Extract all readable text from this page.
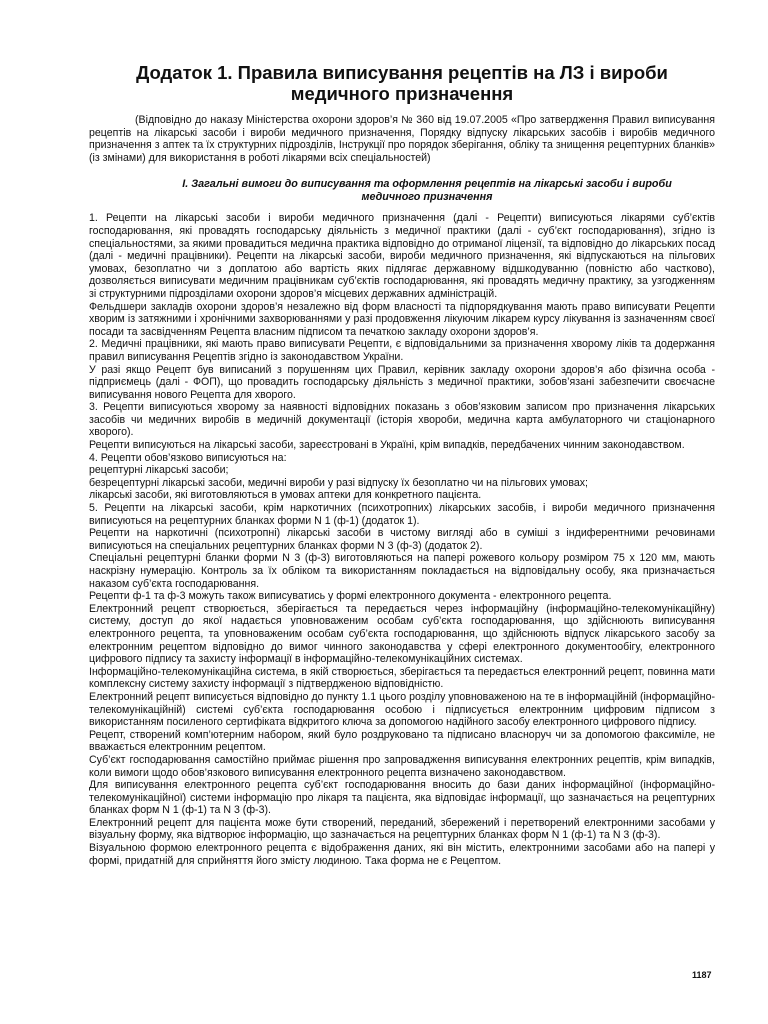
Додаток 1. Правила виписування рецептів на ЛЗ і вироби медичного призначення

(Відповідно до наказу Міністерства охорони здоров’я № 360 від 19.07.2005 «Про затвердження Правил виписування рецептів на лікарські засоби і вироби медичного призначення, Порядку відпуску лікарських засобів і виробів медичного призначення з аптек та їх структурних підрозділів, Інструкції про порядок зберігання, обліку та знищення рецептурних бланків» (із змінами) для використання в роботі лікарями всіх спеціальностей)

I. Загальні вимоги до виписування та оформлення рецептів на лікарські засоби і вироби медичного призначення

1. Рецепти на лікарські засоби і вироби медичного призначення (далі - Рецепти) виписуються лікарями суб’єктів господарювання, які провадять господарську діяльність з медичної практики (далі - суб’єкт господарювання), згідно із спеціальностями, за якими провадиться медична практика відповідно до отриманої ліцензії, та відповідно до лікарських посад (далі - медичні працівники). Рецепти на лікарські засоби, вироби медичного призначення, які відпускаються на пільгових умовах, безоплатно чи з доплатою або вартість яких підлягає державному відшкодуванню (повністю або частково), дозволяється виписувати медичним працівникам суб’єктів господарювання, які провадять медичну практику, за узгодженням зі структурними підрозділами охорони здоров’я місцевих державних адміністрацій.

Фельдшери закладів охорони здоров’я незалежно від форм власності та підпорядкування мають право виписувати Рецепти хворим із затяжними і хронічними захворюваннями у разі продовження лікуючим лікарем курсу лікування із зазначенням своєї посади та засвідченням Рецепта власним підписом та печаткою закладу охорони здоров’я.

2. Медичні працівники, які мають право виписувати Рецепти, є відповідальними за призначення хворому ліків та додержання правил виписування Рецептів згідно із законодавством України.

У разі якщо Рецепт був виписаний з порушенням цих Правил, керівник закладу охорони здоров’я або фізична особа - підприємець (далі - ФОП), що провадить господарську діяльність з медичної практики, зобов’язані забезпечити своєчасне виписування нового Рецепта для хворого.

3. Рецепти виписуються хворому за наявності відповідних показань з обов’язковим записом про призначення лікарських засобів чи медичних виробів в медичній документації (історія хвороби, медична карта амбулаторного чи стаціонарного хворого).

Рецепти виписуються на лікарські засоби, зареєстровані в Україні, крім випадків, передбачених чинним законодавством.

4. Рецепти обов’язково виписуються на:

рецептурні лікарські засоби;

безрецептурні лікарські засоби, медичні вироби у разі відпуску їх безоплатно чи на пільгових умовах;

лікарські засоби, які виготовляються в умовах аптеки для конкретного пацієнта.

5. Рецепти на лікарські засоби, крім наркотичних (психотропних) лікарських засобів, і вироби медичного призначення виписуються на рецептурних бланках форми N 1 (ф-1) (додаток 1).

Рецепти на наркотичні (психотропні) лікарські засоби в чистому вигляді або в суміші з індиферентними речовинами виписуються на спеціальних рецептурних бланках форми N 3 (ф-3) (додаток 2).

Спеціальні рецептурні бланки форми N 3 (ф-3) виготовляються на папері рожевого кольору розміром 75 х 120 мм, мають наскрізну нумерацію. Контроль за їх обліком та використанням покладається на відповідальну особу, яка призначається наказом суб’єкта господарювання.

Рецепти ф-1 та ф-3 можуть також виписуватись у формі електронного документа - електронного рецепта.

Електронний рецепт створюється, зберігається та передається через інформаційну (інформаційно-телекомунікаційну) систему, доступ до якої надається уповноваженим особам суб’єкта господарювання, що здійснюють виписування електронного рецепта, та уповноваженим особам суб’єкта господарювання, що здійснюють відпуск лікарського засобу за електронним рецептом відповідно до вимог чинного законодавства у сфері електронного документообігу, електронного цифрового підпису та захисту інформації в інформаційно-телекомунікаційних системах.

Інформаційно-телекомунікаційна система, в якій створюється, зберігається та передається електронний рецепт, повинна мати комплексну систему захисту інформації з підтвердженою відповідністю.

Електронний рецепт виписується відповідно до пункту 1.1 цього розділу уповноваженою на те в інформаційній (інформаційно-телекомунікаційній) системі суб’єкта господарювання особою і підписується електронним цифровим підписом з використанням посиленого сертифіката відкритого ключа за допомогою надійного засобу електронного цифрового підпису.

Рецепт, створений комп’ютерним набором, який було роздруковано та підписано власноруч чи за допомогою факсиміле, не вважається електронним рецептом.

Суб’єкт господарювання самостійно приймає рішення про запровадження виписування електронних рецептів, крім випадків, коли вимоги щодо обов’язкового виписування електронного рецепта визначено законодавством.

Для виписування електронного рецепта суб’єкт господарювання вносить до бази даних інформаційної (інформаційно-телекомунікаційної) системи інформацію про лікаря та пацієнта, яка відповідає інформації, що зазначається на рецептурних бланках форм N 1 (ф-1) та N 3 (ф-3).

Електронний рецепт для пацієнта може бути створений, переданий, збережений і перетворений електронними засобами у візуальну форму, яка відтворює інформацію, що зазначається на рецептурних бланках форм N 1 (ф-1) та N 3 (ф-3).

Візуальною формою електронного рецепта є відображення даних, які він містить, електронними засобами або на папері у формі, придатній для сприйняття його змісту людиною. Така форма не є Рецептом.

1187
